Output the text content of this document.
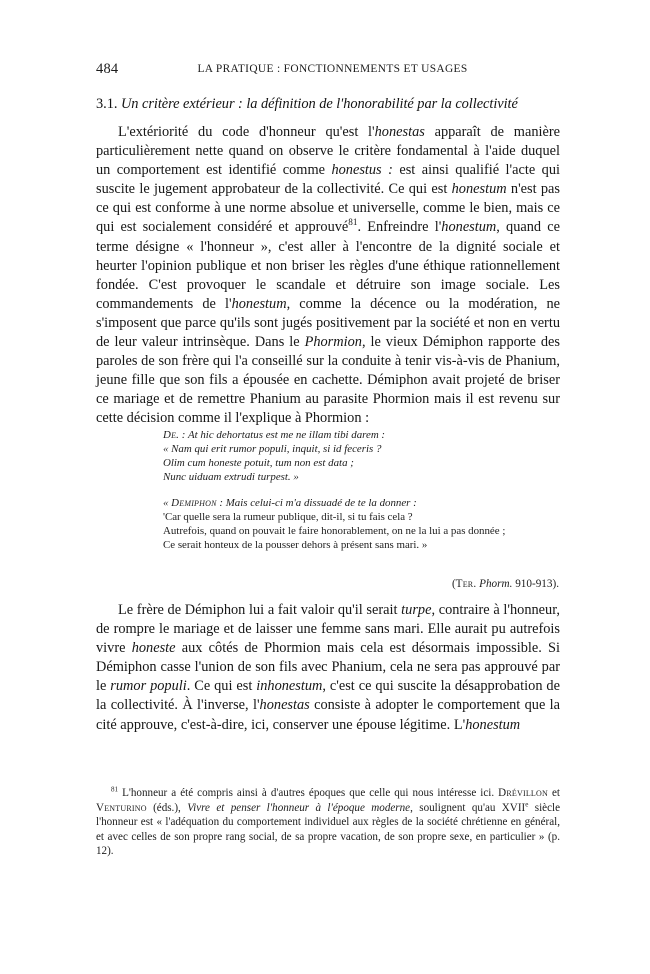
484	LA PRATIQUE : FONCTIONNEMENTS ET USAGES
3.1. Un critère extérieur : la définition de l'honorabilité par la collectivité

L'extériorité du code d'honneur qu'est l'honestas apparaît de manière particulièrement nette quand on observe le critère fondamental à l'aide duquel un comportement est identifié comme honestus : est ainsi qualifié l'acte qui suscite le jugement approbateur de la collectivité. Ce qui est honestum n'est pas ce qui est conforme à une norme absolue et universelle, comme le bien, mais ce qui est socialement considéré et approuvé$^{81}$. Enfreindre l'honestum, quand ce terme désigne « l'honneur », c'est aller à l'encontre de la dignité sociale et heurter l'opinion publique et non briser les règles d'une éthique rationnellement fondée. C'est provoquer le scandale et détruire son image sociale. Les commandements de l'honestum, comme la décence ou la modération, ne s'imposent que parce qu'ils sont jugés positivement par la société et non en vertu de leur valeur intrinsèque. Dans le Phormion, le vieux Démiphon rapporte des paroles de son frère qui l'a conseillé sur la conduite à tenir vis-à-vis de Phanium, jeune fille que son fils a épousée en cachette. Démiphon avait projeté de briser ce mariage et de remettre Phanium au parasite Phormion mais il est revenu sur cette décision comme il l'explique à Phormion :

De. : At hic dehortatus est me ne illam tibi darem :

« Nam qui erit rumor populi, inquit, si id feceris ?

Olim cum honeste potuit, tum non est data ;

Nunc uiduam extrudi turpest. »

« Demiphon : Mais celui-ci m'a dissuadé de te la donner :

'Car quelle sera la rumeur publique, dit-il, si tu fais cela ?

Autrefois, quand on pouvait le faire honorablement, on ne la lui a pas donnée ;

Ce serait honteux de la pousser dehors à présent sans mari. »

(Ter. Phorm. 910-913).

Le frère de Démiphon lui a fait valoir qu'il serait turpe, contraire à l'honneur, de rompre le mariage et de laisser une femme sans mari. Elle aurait pu autrefois vivre honeste aux côtés de Phormion mais cela est désormais impossible. Si Démiphon casse l'union de son fils avec Phanium, cela ne sera pas approuvé par le rumor populi. Ce qui est inhonestum, c'est ce qui suscite la désapprobation de la collectivité. À l'inverse, l'honestas consiste à adopter le comportement que la cité approuve, c'est-à-dire, ici, conserver une épouse légitime. L'honestum

$^{81}$ L'honneur a été compris ainsi à d'autres époques que celle qui nous intéresse ici. Drévillon et Venturino (éds.), Vivre et penser l'honneur à l'époque moderne, soulignent qu'au XVIIe siècle l'honneur est « l'adéquation du comportement individuel aux règles de la société chrétienne en général, et avec celles de son propre rang social, de sa propre vacation, de son propre sexe, en particulier » (p. 12).
